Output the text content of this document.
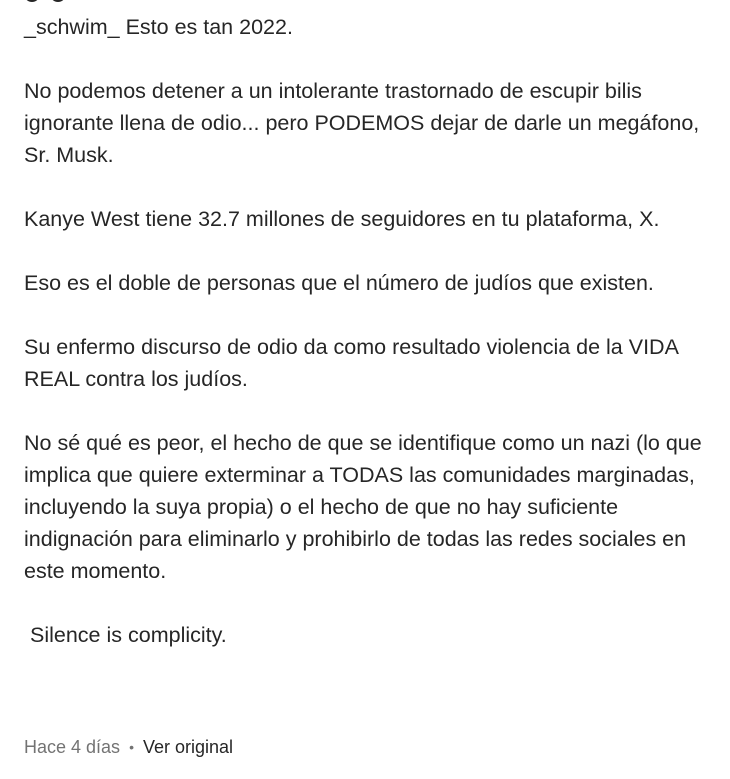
_schwim_ Esto es tan 2022.

No podemos detener a un intolerante trastornado de escupir bilis ignorante llena de odio... pero PODEMOS dejar de darle un megáfono, Sr. Musk.

Kanye West tiene 32.7 millones de seguidores en tu plataforma, X.

Eso es el doble de personas que el número de judíos que existen.

Su enfermo discurso de odio da como resultado violencia de la VIDA REAL contra los judíos.

No sé qué es peor, el hecho de que se identifique como un nazi (lo que implica que quiere exterminar a TODAS las comunidades marginadas, incluyendo la suya propia) o el hecho de que no hay suficiente indignación para eliminarlo y prohibirlo de todas las redes sociales en este momento.

Silence is complicity.

Hace 4 días • Ver original
